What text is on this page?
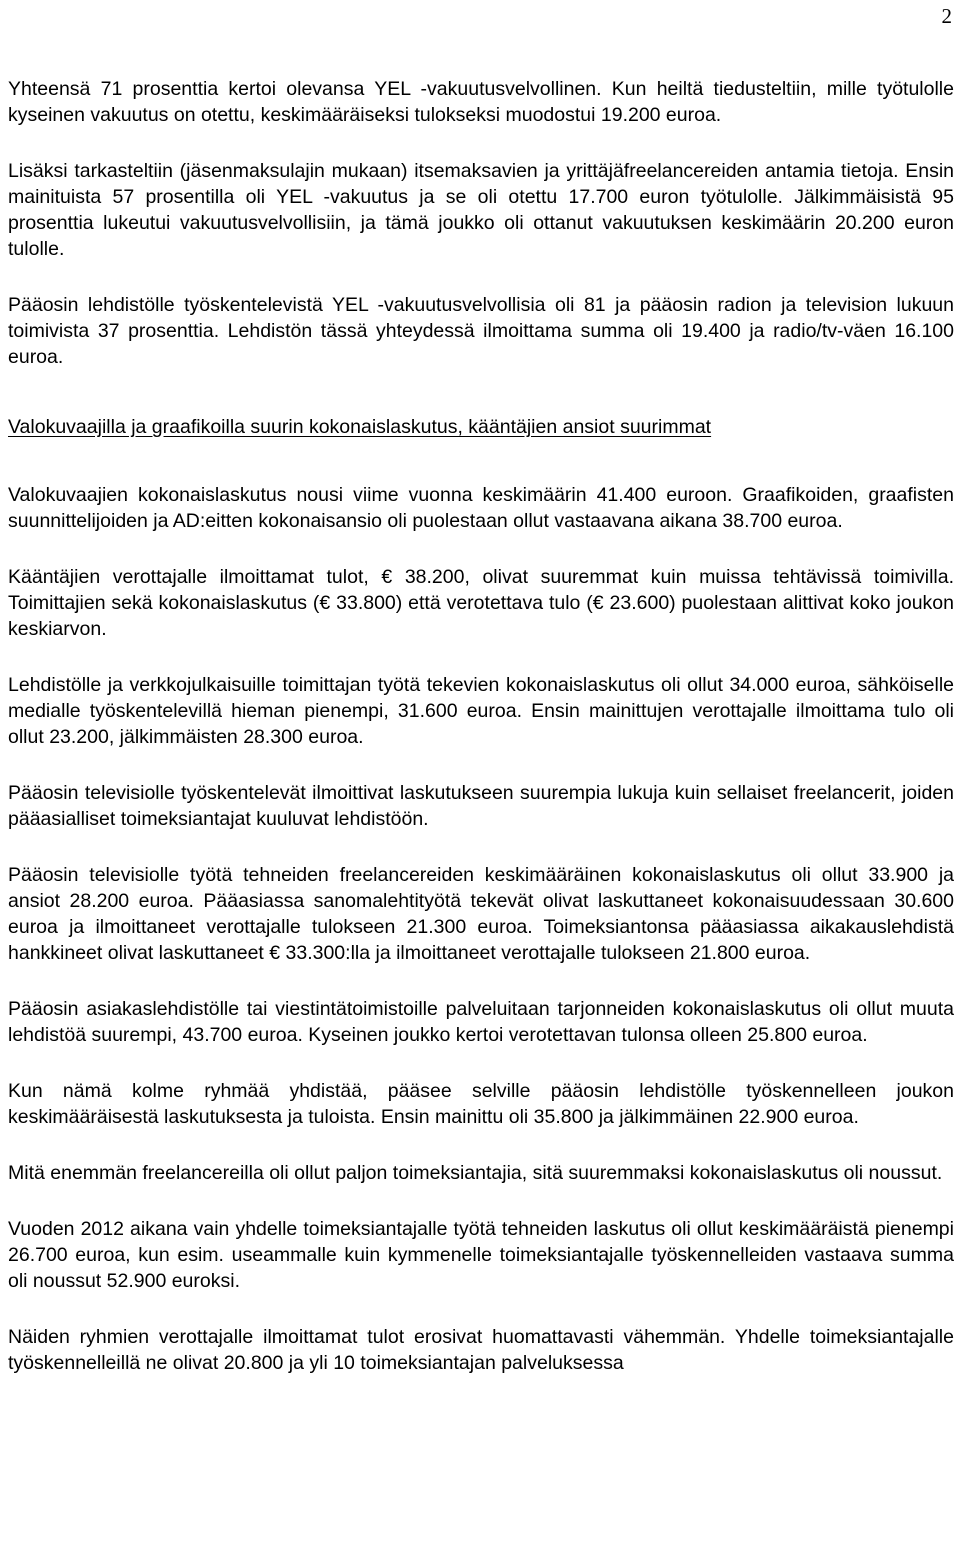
2

Yhteensä 71 prosenttia kertoi olevansa YEL -vakuutusvelvollinen. Kun heiltä tiedusteltiin, mille työtulolle kyseinen vakuutus on otettu, keskimääräiseksi tulokseksi muodostui 19.200 euroa.

Lisäksi tarkasteltiin (jäsenmaksulajin mukaan) itsemaksavien ja yrittäjäfreelancereiden antamia tietoja. Ensin mainituista 57 prosentilla oli YEL -vakuutus ja se oli otettu 17.700 euron työtulolle. Jälkimmäisistä 95 prosenttia lukeutui vakuutusvelvollisiin, ja tämä joukko oli ottanut vakuutuksen keskimäärin 20.200 euron tulolle.

Pääosin lehdistölle työskentelevistä YEL -vakuutusvelvollisia oli 81 ja pääosin radion ja television lukuun toimivista 37 prosenttia. Lehdistön tässä yhteydessä ilmoittama summa oli 19.400 ja radio/tv-väen 16.100 euroa.

Valokuvaajilla ja graafikoilla suurin kokonaislaskutus, kääntäjien ansiot suurimmat

Valokuvaajien kokonaislaskutus nousi viime vuonna keskimäärin 41.400 euroon. Graafikoiden, graafisten suunnittelijoiden ja AD:eitten kokonaisansio oli puolestaan ollut vastaavana aikana 38.700 euroa.

Kääntäjien verottajalle ilmoittamat tulot, € 38.200, olivat suuremmat kuin muissa tehtävissä toimivilla. Toimittajien sekä kokonaislaskutus (€ 33.800) että verotettava tulo (€ 23.600) puolestaan alittivat koko joukon keskiarvon.

Lehdistölle ja verkkojulkaisuille toimittajan työtä tekevien kokonaislaskutus oli ollut 34.000 euroa, sähköiselle medialle työskentelevillä hieman pienempi, 31.600 euroa. Ensin mainittujen verottajalle ilmoittama tulo oli ollut 23.200, jälkimmäisten 28.300 euroa.

Pääosin televisiolle työskentelevät ilmoittivat laskutukseen suurempia lukuja kuin sellaiset freelancerit, joiden pääasialliset toimeksiantajat kuuluvat lehdistöön.

Pääosin televisiolle työtä tehneiden freelancereiden keskimääräinen kokonaislaskutus oli ollut 33.900 ja ansiot 28.200 euroa. Pääasiassa sanomalehtityötä tekevät olivat laskuttaneet kokonaisuudessaan 30.600 euroa ja ilmoittaneet verottajalle tulokseen 21.300 euroa. Toimeksiantonsa pääasiassa aikakauslehdistä hankkineet olivat laskuttaneet € 33.300:lla ja ilmoittaneet verottajalle tulokseen 21.800 euroa.

Pääosin asiakaslehdistölle tai viestintätoimistoille palveluitaan tarjonneiden kokonaislaskutus oli ollut muuta lehdistöä suurempi, 43.700 euroa. Kyseinen joukko kertoi verotettavan tulonsa olleen 25.800 euroa.

Kun nämä kolme ryhmää yhdistää, pääsee selville pääosin lehdistölle työskennelleen joukon keskimääräisestä laskutuksesta ja tuloista. Ensin mainittu oli 35.800 ja jälkimmäinen 22.900 euroa.

Mitä enemmän freelancereilla oli ollut paljon toimeksiantajia, sitä suuremmaksi kokonaislaskutus oli noussut.

Vuoden 2012 aikana vain yhdelle toimeksiantajalle työtä tehneiden laskutus oli ollut keskimääräistä pienempi 26.700 euroa, kun esim. useammalle kuin kymmenelle toimeksiantajalle työskennelleiden vastaava summa oli noussut 52.900 euroksi.

Näiden ryhmien verottajalle ilmoittamat tulot erosivat huomattavasti vähemmän. Yhdelle toimeksiantajalle työskennelleillä ne olivat 20.800 ja yli 10 toimeksiantajan palveluksessa
